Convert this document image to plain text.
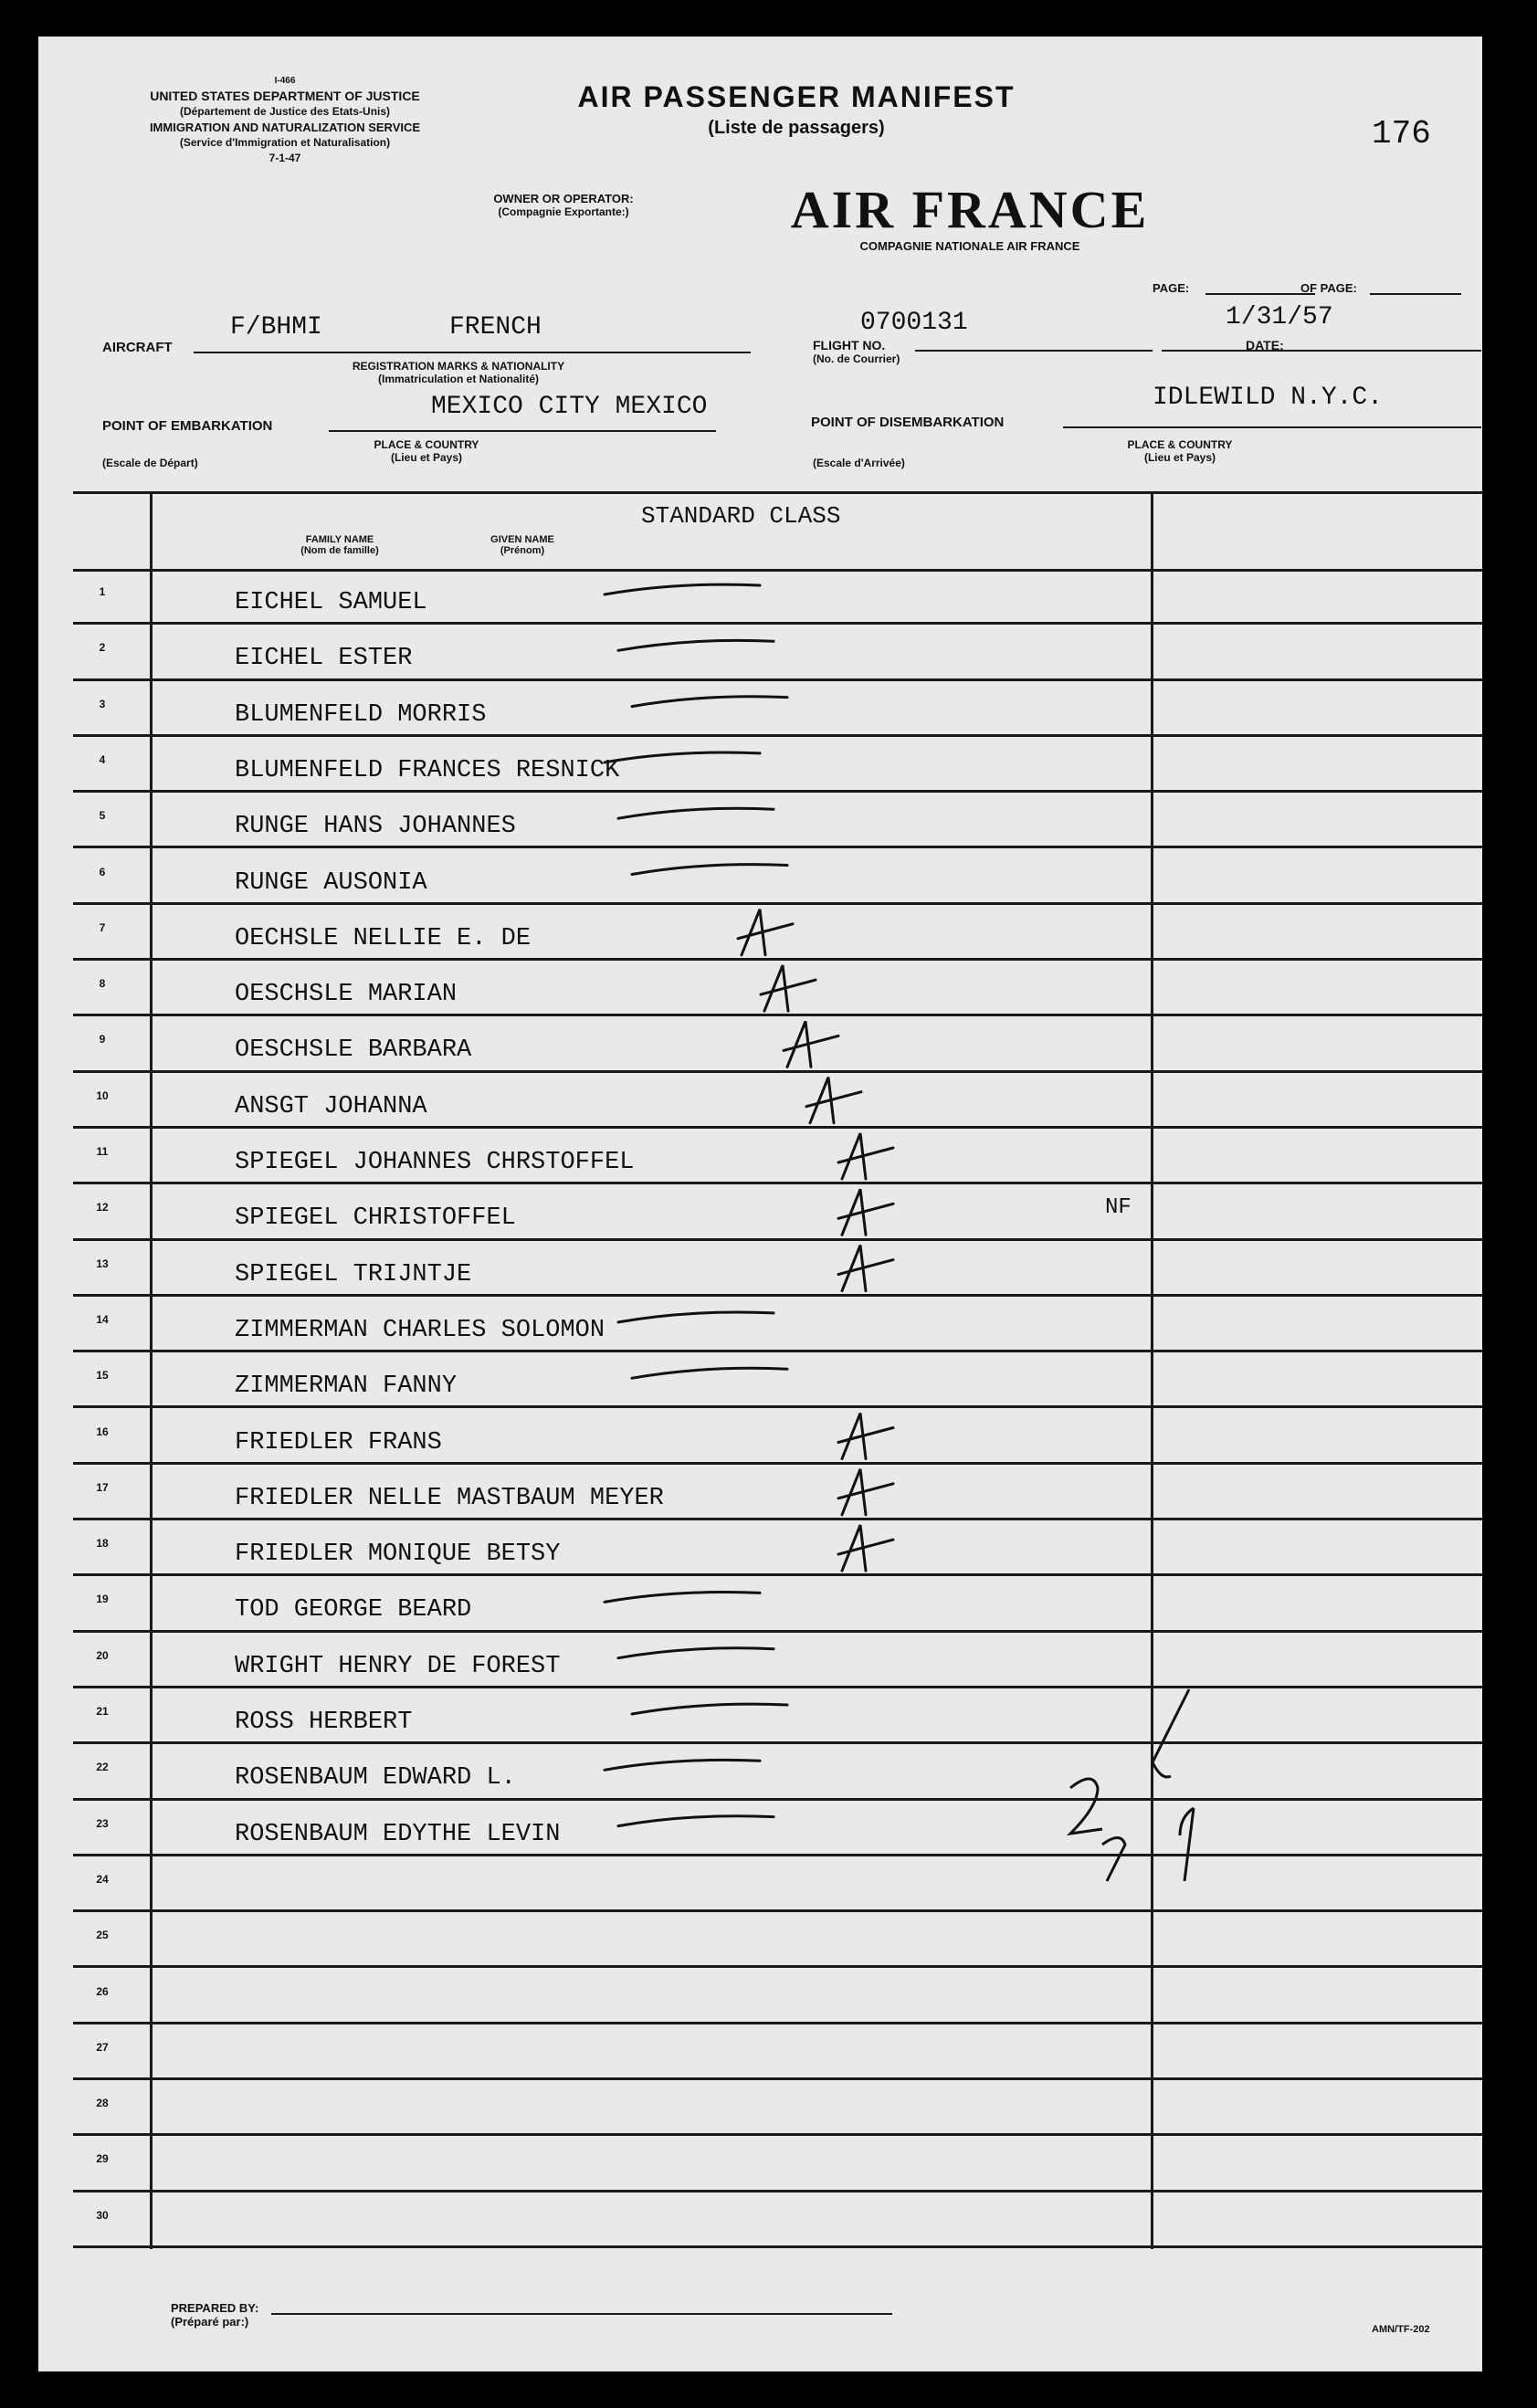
I-466
UNITED STATES DEPARTMENT OF JUSTICE
(Département de Justice des Etats-Unis)
IMMIGRATION AND NATURALIZATION SERVICE
(Service d'Immigration et Naturalisation)
7-1-47
AIR PASSENGER MANIFEST
(Liste de passagers)	176
OWNER OR OPERATOR:
(Compagnie Exportante:)	AIR FRANCE
COMPAGNIE NATIONALE AIR FRANCE
PAGE:	OF PAGE:
AIRCRAFT
F/BHMI	FRENCH
REGISTRATION MARKS & NATIONALITY
(Immatriculation et Nationalité)
0700131
FLIGHT NO.
(No. de Courrier)
1/31/57
DATE:
MEXICO CITY MEXICO
POINT OF EMBARKATION
PLACE & COUNTRY
(Lieu et Pays)
(Escale de Départ)
IDLEWILD N.Y.C.
POINT OF DISEMBARKATION
PLACE & COUNTRY
(Lieu et Pays)
(Escale d'Arrivée)
STANDARD CLASS
FAMILY NAME
(Nom de famille)
GIVEN NAME
(Prénom)
1	EICHEL SAMUEL
2	EICHEL ESTER
3	BLUMENFELD MORRIS
4	BLUMENFELD FRANCES RESNICK
5	RUNGE HANS JOHANNES
6	RUNGE AUSONIA
7	OECHSLE NELLIE E. DE
8	OESCHSLE MARIAN
9	OESCHSLE BARBARA
10	ANSGT JOHANNA
11	SPIEGEL JOHANNES CHRSTOFFEL
12	SPIEGEL CHRISTOFFEL	NF
13	SPIEGEL TRIJNTJE
14	ZIMMERMAN CHARLES SOLOMON
15	ZIMMERMAN FANNY
16	FRIEDLER FRANS
17	FRIEDLER NELLE MASTBAUM MEYER
18	FRIEDLER MONIQUE BETSY
19	TOD GEORGE BEARD
20	WRIGHT HENRY DE FOREST
21	ROSS HERBERT
22	ROSENBAUM EDWARD L.
23	ROSENBAUM EDYTHE LEVIN
24
25
26
27
28
29
30
PREPARED BY:
(Préparé par:)
AMN/TF-202
